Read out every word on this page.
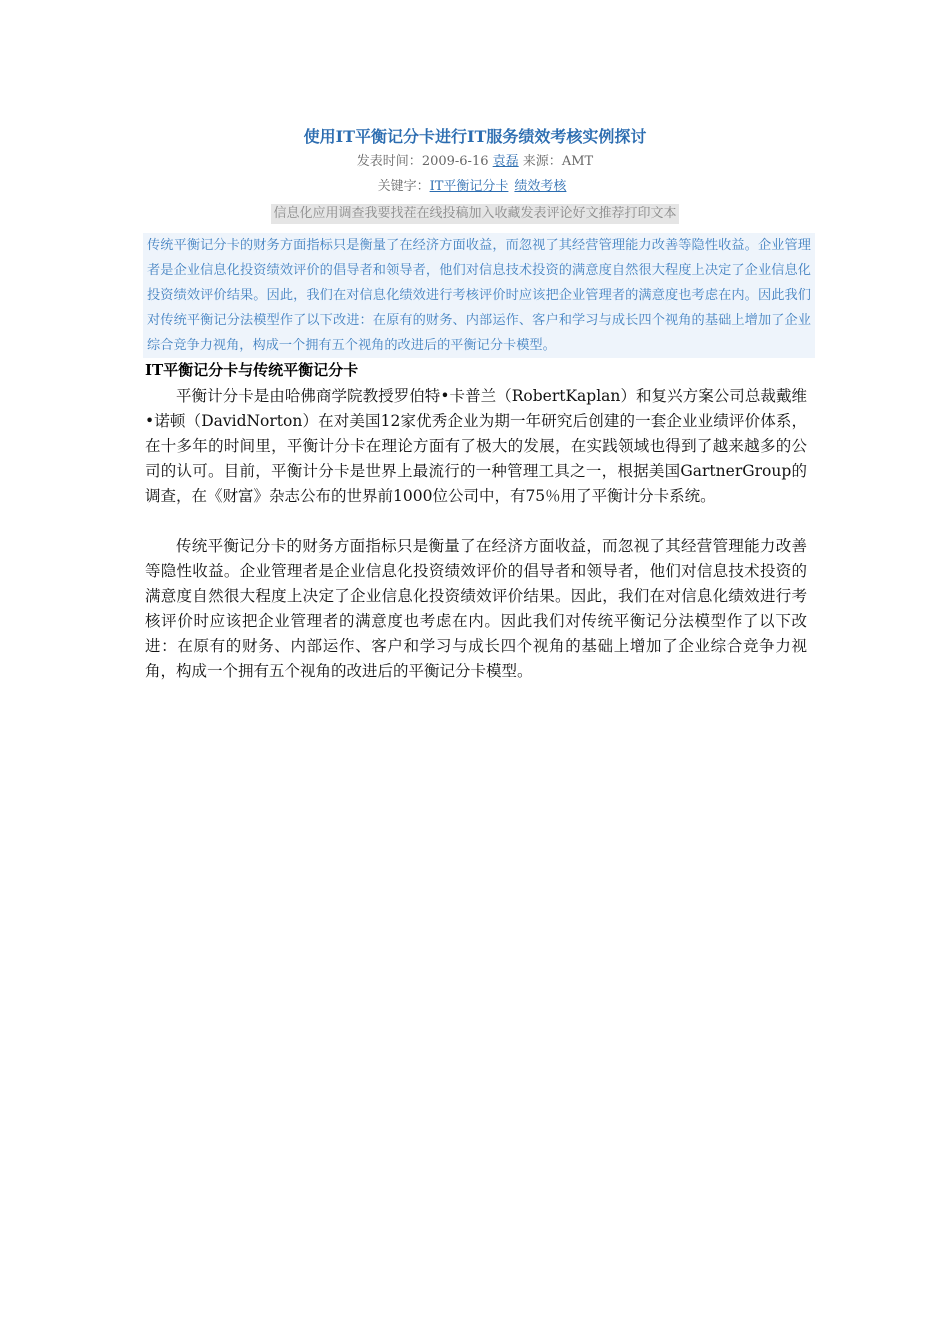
使用IT平衡记分卡进行IT服务绩效考核实例探讨
发表时间：2009-6-16 袁磊 来源：AMT
关键字：IT平衡记分卡 绩效考核
信息化应用调查我要找茬在线投稿加入收藏发表评论好文推荐打印文本
传统平衡记分卡的财务方面指标只是衡量了在经济方面收益，而忽视了其经营管理能力改善等隐性收益。企业管理者是企业信息化投资绩效评价的倡导者和领导者，他们对信息技术投资的满意度自然很大程度上决定了企业信息化投资绩效评价结果。因此，我们在对信息化绩效进行考核评价时应该把企业管理者的满意度也考虑在内。因此我们对传统平衡记分法模型作了以下改进：在原有的财务、内部运作、客户和学习与成长四个视角的基础上增加了企业综合竞争力视角，构成一个拥有五个视角的改进后的平衡记分卡模型。
IT平衡记分卡与传统平衡记分卡
平衡计分卡是由哈佛商学院教授罗伯特•卡普兰（RobertKaplan）和复兴方案公司总裁戴维•诺顿（DavidNorton）在对美国12家优秀企业为期一年研究后创建的一套企业业绩评价体系，在十多年的时间里，平衡计分卡在理论方面有了极大的发展，在实践领域也得到了越来越多的公司的认可。目前，平衡计分卡是世界上最流行的一种管理工具之一，根据美国GartnerGroup的调查，在《财富》杂志公布的世界前1000位公司中，有75％用了平衡计分卡系统。
传统平衡记分卡的财务方面指标只是衡量了在经济方面收益，而忽视了其经营管理能力改善等隐性收益。企业管理者是企业信息化投资绩效评价的倡导者和领导者，他们对信息技术投资的满意度自然很大程度上决定了企业信息化投资绩效评价结果。因此，我们在对信息化绩效进行考核评价时应该把企业管理者的满意度也考虑在内。因此我们对传统平衡记分法模型作了以下改进：在原有的财务、内部运作、客户和学习与成长四个视角的基础上增加了企业综合竞争力视角，构成一个拥有五个视角的改进后的平衡记分卡模型。
